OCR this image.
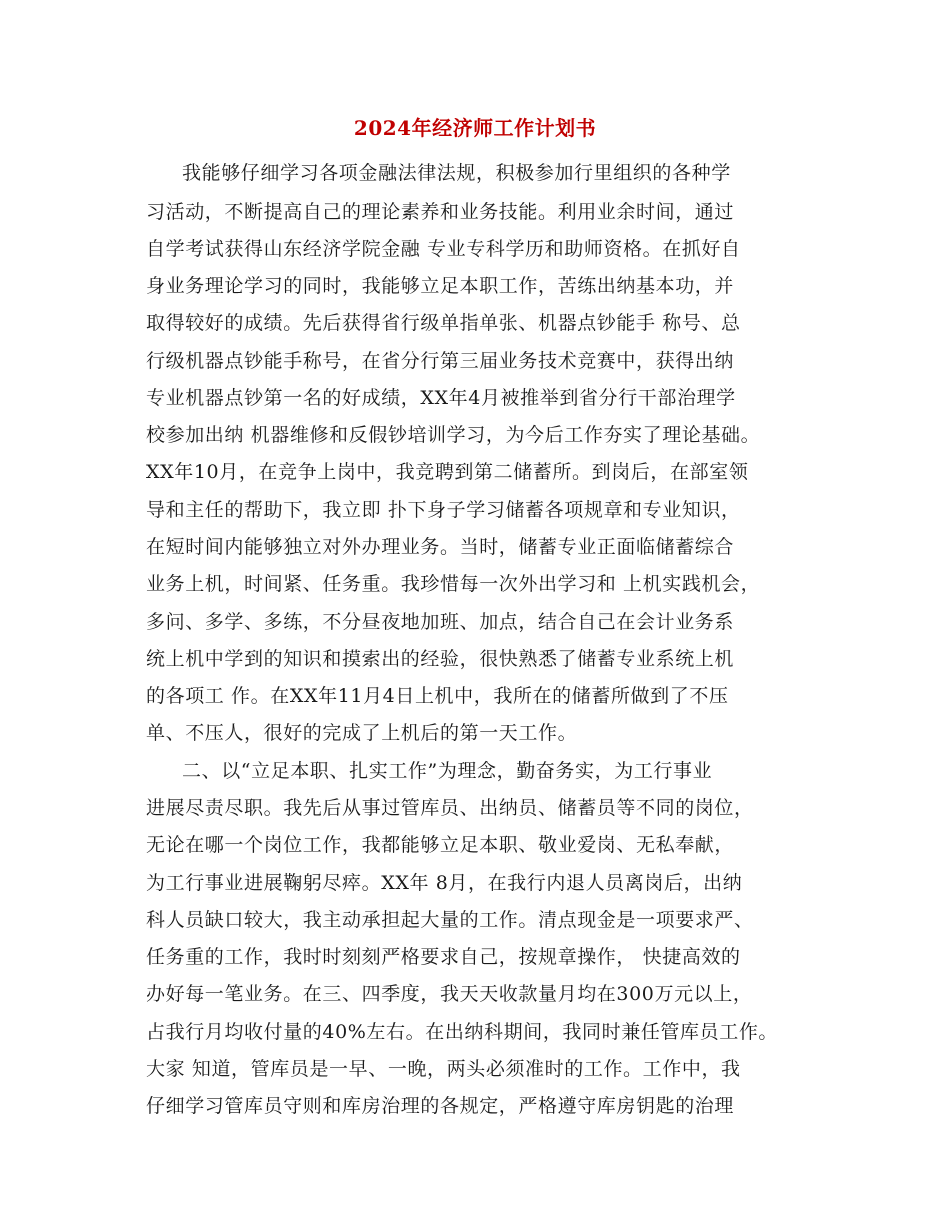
2024年经济师工作计划书
我能够仔细学习各项金融法律法规，积极参加行里组织的各种学
习活动，不断提高自己的理论素养和业务技能。利用业余时间，通过
自学考试获得山东经济学院金融 专业专科学历和助师资格。在抓好自
身业务理论学习的同时，我能够立足本职工作，苦练出纳基本功，并
取得较好的成绩。先后获得省行级单指单张、机器点钞能手 称号、总
行级机器点钞能手称号，在省分行第三届业务技术竞赛中，获得出纳
专业机器点钞第一名的好成绩，XX年4月被推举到省分行干部治理学
校参加出纳 机器维修和反假钞培训学习，为今后工作夯实了理论基础。
XX年10月，在竞争上岗中，我竞聘到第二储蓄所。到岗后，在部室领
导和主任的帮助下，我立即 扑下身子学习储蓄各项规章和专业知识，
在短时间内能够独立对外办理业务。当时，储蓄专业正面临储蓄综合
业务上机，时间紧、任务重。我珍惜每一次外出学习和 上机实践机会，
多问、多学、多练，不分昼夜地加班、加点，结合自己在会计业务系
统上机中学到的知识和摸索出的经验，很快熟悉了储蓄专业系统上机
的各项工 作。在XX年11月4日上机中，我所在的储蓄所做到了不压
单、不压人，很好的完成了上机后的第一天工作。
二、以“立足本职、扎实工作”为理念，勤奋务实，为工行事业
进展尽责尽职。我先后从事过管库员、出纳员、储蓄员等不同的岗位，
无论在哪一个岗位工作，我都能够立足本职、敬业爱岗、无私奉献，
为工行事业进展鞠躬尽瘁。XX年 8月，在我行内退人员离岗后，出纳
科人员缺口较大，我主动承担起大量的工作。清点现金是一项要求严、
任务重的工作，我时时刻刻严格要求自己，按规章操作， 快捷高效的
办好每一笔业务。在三、四季度，我天天收款量月均在300万元以上，
占我行月均收付量的40%左右。在出纳科期间，我同时兼任管库员工作。
大家 知道，管库员是一早、一晚，两头必须准时的工作。工作中，我
仔细学习管库员守则和库房治理的各规定，严格遵守库房钥匙的治理
